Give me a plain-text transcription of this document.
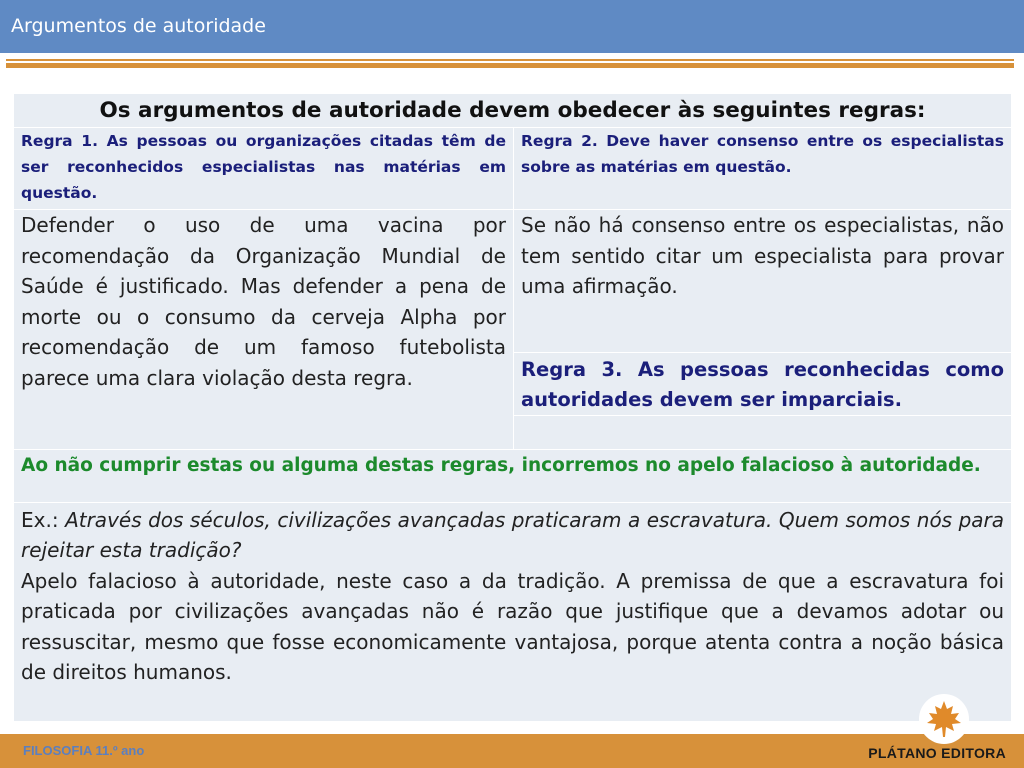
Argumentos de autoridade
Os argumentos de autoridade devem obedecer às seguintes regras:	
Regra 1. As pessoas ou organizações citadas têm de ser reconhecidos especialistas nas matérias em questão.	Regra 2. Deve haver consenso entre os especialistas sobre as matérias em questão.
Defender o uso de uma vacina por recomendação da Organização Mundial de Saúde é justificado. Mas defender a pena de morte ou o consumo da cerveja Alpha por recomendação de um famoso futebolista parece uma clara violação desta regra.	Se não há consenso entre os especialistas, não tem sentido citar um especialista para provar uma afirmação.
	Regra 3. As pessoas reconhecidas como autoridades devem ser imparciais.

Ao não cumprir estas ou alguma destas regras, incorremos no apelo falacioso à autoridade.	
Ex.: Através dos séculos, civilizações avançadas praticaram a escravatura. Quem somos nós para rejeitar esta tradição?
Apelo falacioso à autoridade, neste caso a da tradição. A premissa de que a escravatura foi praticada por civilizações avançadas não é razão que justifique que a devamos adotar ou ressuscitar, mesmo que fosse economicamente vantajosa, porque atenta contra a noção básica de direitos humanos.	
FILOSOFIA 11.º ano	PLÁTANO EDITORA
